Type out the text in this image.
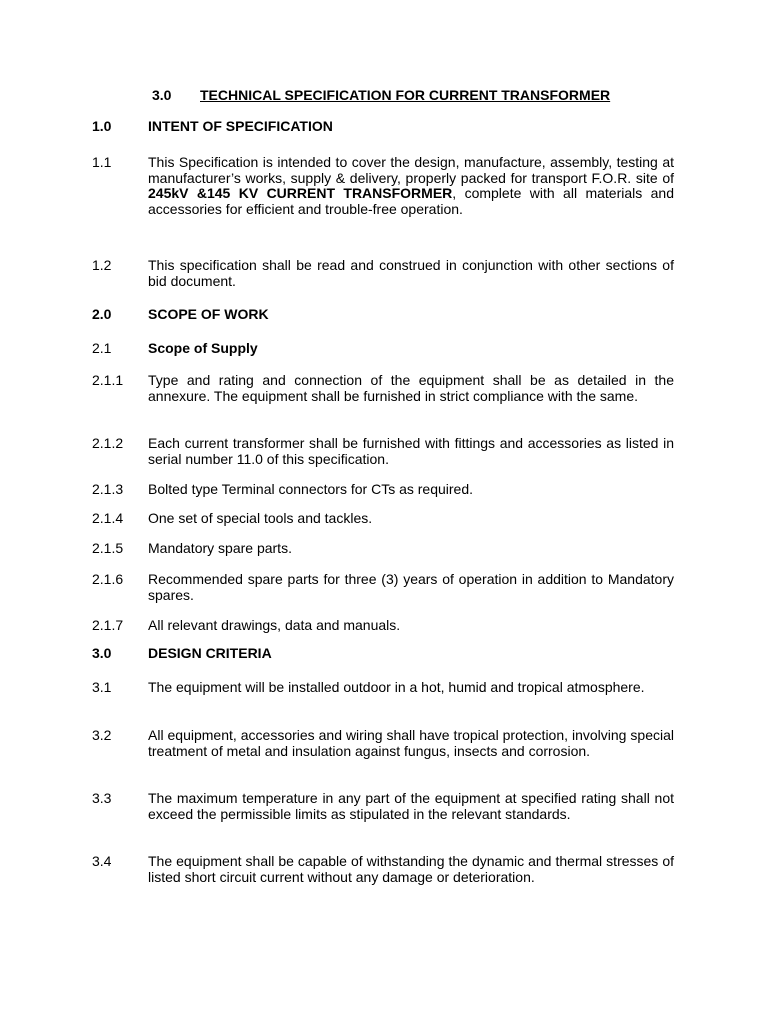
3.0 TECHNICAL SPECIFICATION FOR CURRENT TRANSFORMER
1.0	INTENT OF SPECIFICATION
1.1	This Specification is intended to cover the design, manufacture, assembly, testing at manufacturer’s works, supply & delivery, properly packed for transport F.O.R. site of 245kV &145 KV CURRENT TRANSFORMER, complete with all materials and accessories for efficient and trouble-free operation.
1.2	This specification shall be read and construed in conjunction with other sections of bid document.
2.0	SCOPE OF WORK
2.1	Scope of Supply
2.1.1 Type and rating and connection of the equipment shall be as detailed in the annexure. The equipment shall be furnished in strict compliance with the same.
2.1.2 Each current transformer shall be furnished with fittings and accessories as listed in serial number 11.0 of this specification.
2.1.3 Bolted type Terminal connectors for CTs as required.
2.1.4 One set of special tools and tackles.
2.1.5 Mandatory spare parts.
2.1.6 Recommended spare parts for three (3) years of operation in addition to Mandatory spares.
2.1.7 All relevant drawings, data and manuals.
3.0	DESIGN CRITERIA
3.1	The equipment will be installed outdoor in a hot, humid and tropical atmosphere.
3.2	All equipment, accessories and wiring shall have tropical protection, involving special treatment of metal and insulation against fungus, insects and corrosion.
3.3	The maximum temperature in any part of the equipment at specified rating shall not exceed the permissible limits as stipulated in the relevant standards.
3.4	The equipment shall be capable of withstanding the dynamic and thermal stresses of listed short circuit current without any damage or deterioration.
